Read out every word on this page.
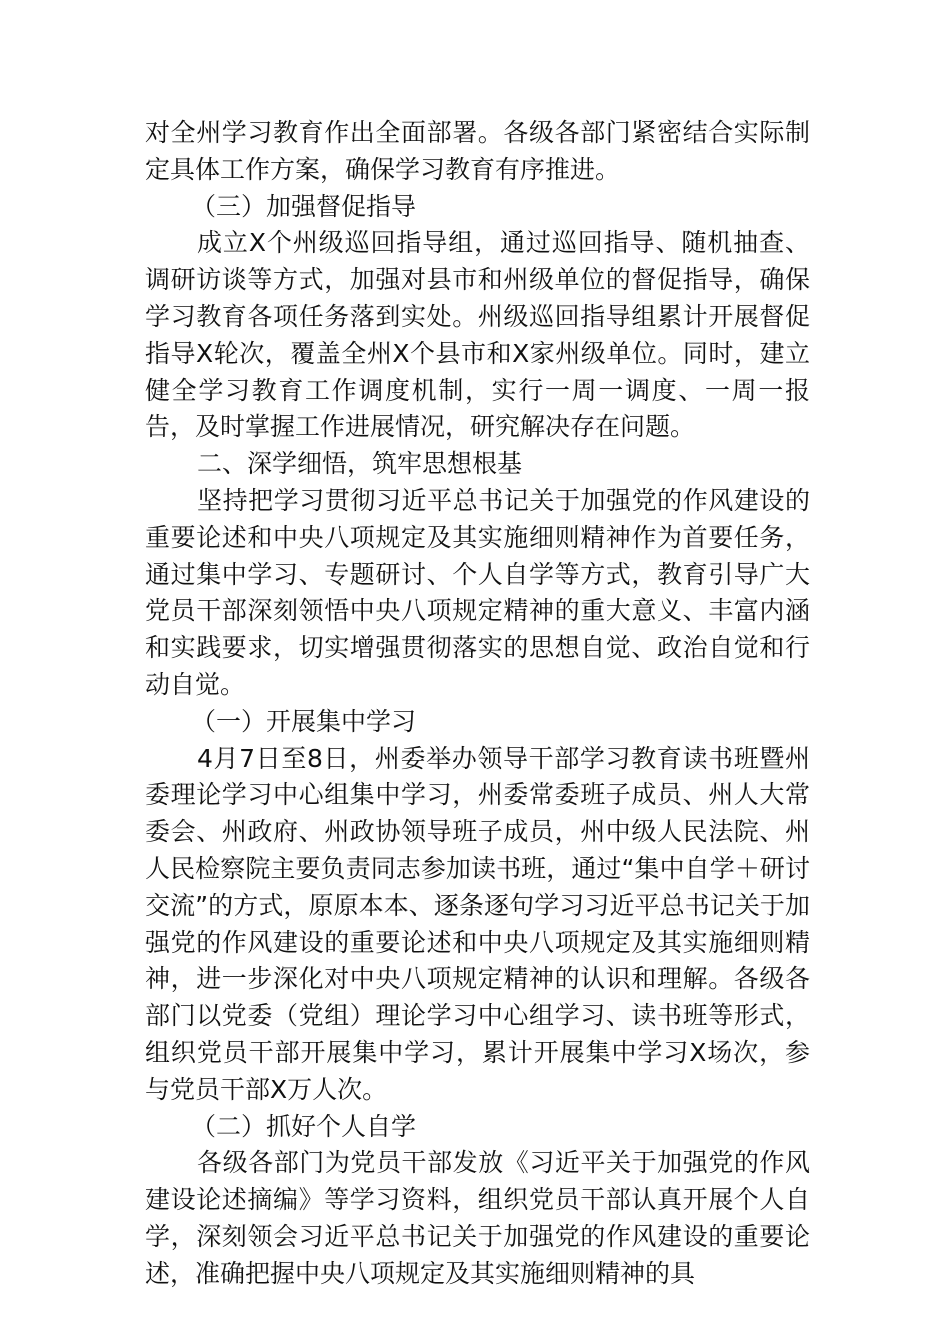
对全州学习教育作出全面部署。各级各部门紧密结合实际制定具体工作方案，确保学习教育有序推进。

（三）加强督促指导

成立X个州级巡回指导组，通过巡回指导、随机抽查、调研访谈等方式，加强对县市和州级单位的督促指导，确保学习教育各项任务落到实处。州级巡回指导组累计开展督促指导X轮次，覆盖全州X个县市和X家州级单位。同时，建立健全学习教育工作调度机制，实行一周一调度、一周一报告，及时掌握工作进展情况，研究解决存在问题。

二、深学细悟，筑牢思想根基

坚持把学习贯彻习近平总书记关于加强党的作风建设的重要论述和中央八项规定及其实施细则精神作为首要任务，通过集中学习、专题研讨、个人自学等方式，教育引导广大党员干部深刻领悟中央八项规定精神的重大意义、丰富内涵和实践要求，切实增强贯彻落实的思想自觉、政治自觉和行动自觉。

（一）开展集中学习

4月7日至8日，州委举办领导干部学习教育读书班暨州委理论学习中心组集中学习，州委常委班子成员、州人大常委会、州政府、州政协领导班子成员，州中级人民法院、州人民检察院主要负责同志参加读书班，通过“集中自学＋研讨交流”的方式，原原本本、逐条逐句学习习近平总书记关于加强党的作风建设的重要论述和中央八项规定及其实施细则精神，进一步深化对中央八项规定精神的认识和理解。各级各部门以党委（党组）理论学习中心组学习、读书班等形式，组织党员干部开展集中学习，累计开展集中学习X场次，参与党员干部X万人次。

（二）抓好个人自学

各级各部门为党员干部发放《习近平关于加强党的作风建设论述摘编》等学习资料，组织党员干部认真开展个人自学，深刻领会习近平总书记关于加强党的作风建设的重要论述，准确把握中央八项规定及其实施细则精神的具
